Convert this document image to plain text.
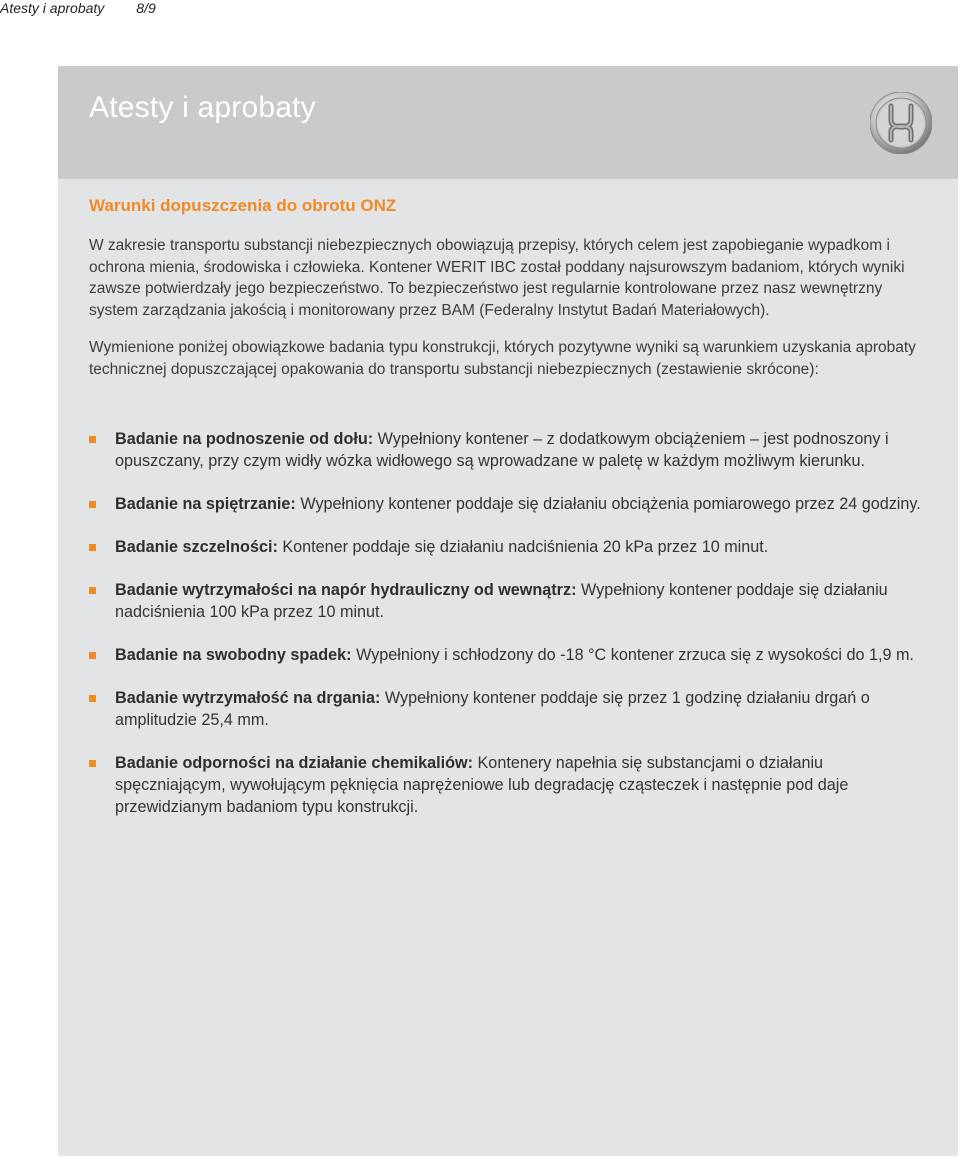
Atesty i aprobaty 8/9
Atesty i aprobaty
Warunki dopuszczenia do obrotu ONZ

W zakresie transportu substancji niebezpiecznych obowiązują przepisy, których celem jest zapobieganie wypadkom i ochrona mienia, środowiska i człowieka. Kontener WERIT IBC został poddany najsurowszym badaniom, których wyniki zawsze potwierdzały jego bezpieczeństwo. To bezpieczeństwo jest regularnie kontrolowane przez nasz wewnętrzny system zarządzania jakością i monitorowany przez BAM (Federalny Instytut Badań Materiałowych).

Wymienione poniżej obowiązkowe badania typu konstrukcji, których pozytywne wyniki są warunkiem uzyskania aprobaty technicznej dopuszczającej opakowania do transportu substancji niebezpiecznych (zestawienie skrócone):

Badanie na podnoszenie od dołu: Wypełniony kontener – z dodatkowym obciążeniem – jest podnoszony i opuszczany, przy czym widły wózka widłowego są wprowadzane w paletę w każdym możliwym kierunku.
Badanie na spiętrzanie: Wypełniony kontener poddaje się działaniu obciążenia pomiarowego przez 24 godziny.
Badanie szczelności: Kontener poddaje się działaniu nadciśnienia 20 kPa przez 10 minut.
Badanie wytrzymałości na napór hydrauliczny od wewnątrz: Wypełniony kontener poddaje się działaniu nadciśnienia 100 kPa przez 10 minut.
Badanie na swobodny spadek: Wypełniony i schłodzony do -18 °C kontener zrzuca się z wysokości do 1,9 m.
Badanie wytrzymałość na drgania: Wypełniony kontener poddaje się przez 1 godzinę działaniu drgań o amplitudzie 25,4 mm.
Badanie odporności na działanie chemikaliów: Kontenery napełnia się substancjami o działaniu spęczniającym, wywołującym pęknięcia naprężeniowe lub degradację cząsteczek i następnie pod daje przewidzianym badaniom typu konstrukcji.
